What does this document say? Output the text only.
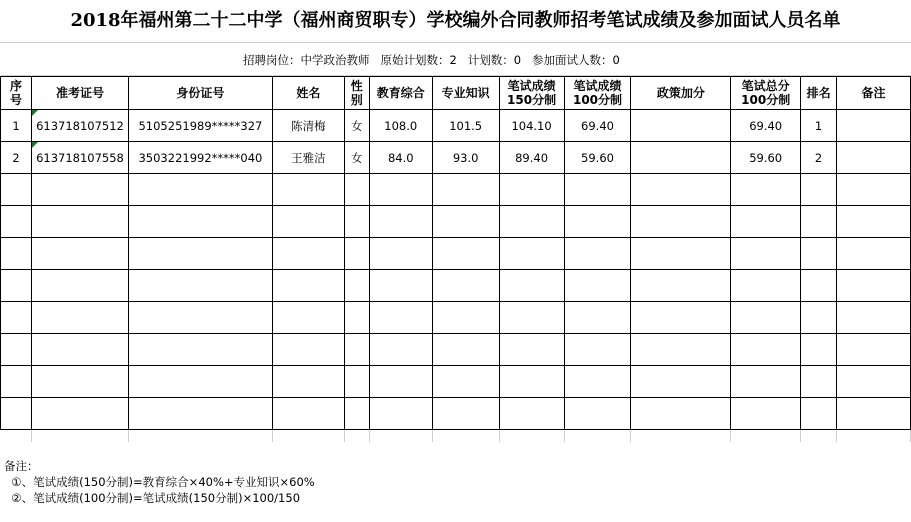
2018年福州第二十二中学（福州商贸职专）学校编外合同教师招考笔试成绩及参加面试人员名单
招聘岗位：中学政治教师   原始计划数：2   计划数：0   参加面试人数：0
序号	准考证号	身份证号	姓名	性别	教育综合	专业知识	笔试成绩150分制	笔试成绩100分制	政策加分	笔试总分100分制	排名	备注
1	613718107512	5105251989*****327	陈清梅	女	108.0	101.5	104.10	69.40		69.40	1	
2	613718107558	3503221992*****040	王雅洁	女	84.0	93.0	89.40	59.60		59.60	2	

备注：
①、笔试成绩(150分制)=教育综合×40%+专业知识×60%
②、笔试成绩(100分制)=笔试成绩(150分制)×100/150
